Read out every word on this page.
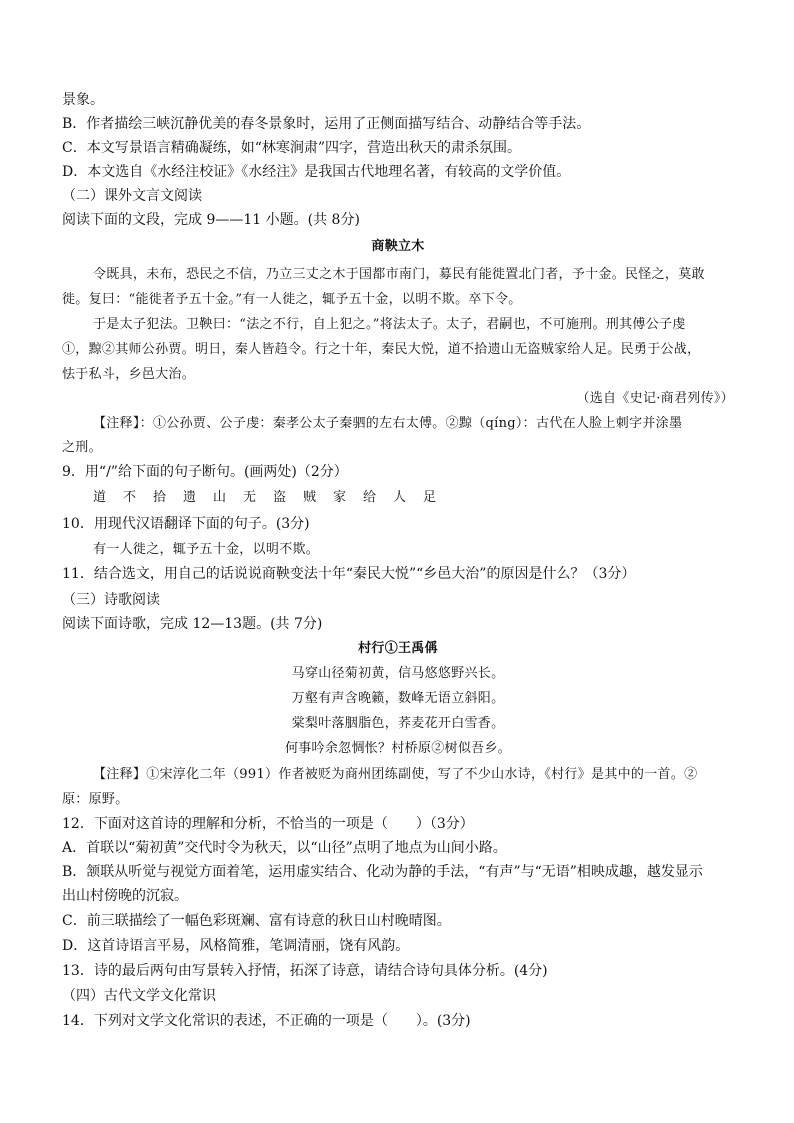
景象。
B．作者描绘三峡沉静优美的春冬景象时，运用了正侧面描写结合、动静结合等手法。
C．本文写景语言精确凝练，如“林寒涧肃”四字，营造出秋天的肃杀氛围。
D．本文选自《水经注校证》《水经注》是我国古代地理名著，有较高的文学价值。
（二）课外文言文阅读
阅读下面的文段，完成 9——11 小题。(共 8分)
商鞅立木
令既具，未布，恐民之不信，乃立三丈之木于国都市南门，募民有能徙置北门者，予十金。民怪之，莫敢
徙。复曰：“能徙者予五十金。”有一人徙之，辄予五十金，以明不欺。卒下令。
于是太子犯法。卫鞅曰：“法之不行，自上犯之。”将法太子。太子，君嗣也，不可施刑。刑其傅公子虔
①，黥②其师公孙贾。明日，秦人皆趋令。行之十年，秦民大悦，道不拾遗山无盗贼家给人足。民勇于公战，
怯于私斗，乡邑大治。
（选自《史记·商君列传》）
【注释】：①公孙贾、公子虔：秦孝公太子秦驷的左右太傅。②黥（qíng）：古代在人脸上刺字并涂墨
之刑。
9．用“/”给下面的句子断句。(画两处)（2分）
道不拾遗山无盗贼家给人足
10．用现代汉语翻译下面的句子。(3分)
有一人徙之，辄予五十金，以明不欺。
11．结合选文，用自己的话说说商鞅变法十年“秦民大悦”“乡邑大治”的原因是什么？（3分）
（三）诗歌阅读
阅读下面诗歌，完成 12—13题。(共 7分)
村行①王禹偁
马穿山径菊初黄，信马悠悠野兴长。
万壑有声含晚籁，数峰无语立斜阳。
棠梨叶落胭脂色，荞麦花开白雪香。
何事吟余忽惆怅？村桥原②树似吾乡。
【注释】①宋淳化二年（991）作者被贬为商州团练副使，写了不少山水诗，《村行》是其中的一首。②
原：原野。
12．下面对这首诗的理解和分析，不恰当的一项是（　　）（3分）
A．首联以“菊初黄”交代时令为秋天，以“山径”点明了地点为山间小路。
B．颔联从听觉与视觉方面着笔，运用虚实结合、化动为静的手法，“有声”与“无语”相映成趣，越发显示
出山村傍晚的沉寂。
C．前三联描绘了一幅色彩斑斓、富有诗意的秋日山村晚晴图。
D．这首诗语言平易，风格简雅，笔调清丽，饶有风韵。
13．诗的最后两句由写景转入抒情，拓深了诗意，请结合诗句具体分析。(4分)
（四）古代文学文化常识
14．下列对文学文化常识的表述，不正确的一项是（　　）。(3分)
